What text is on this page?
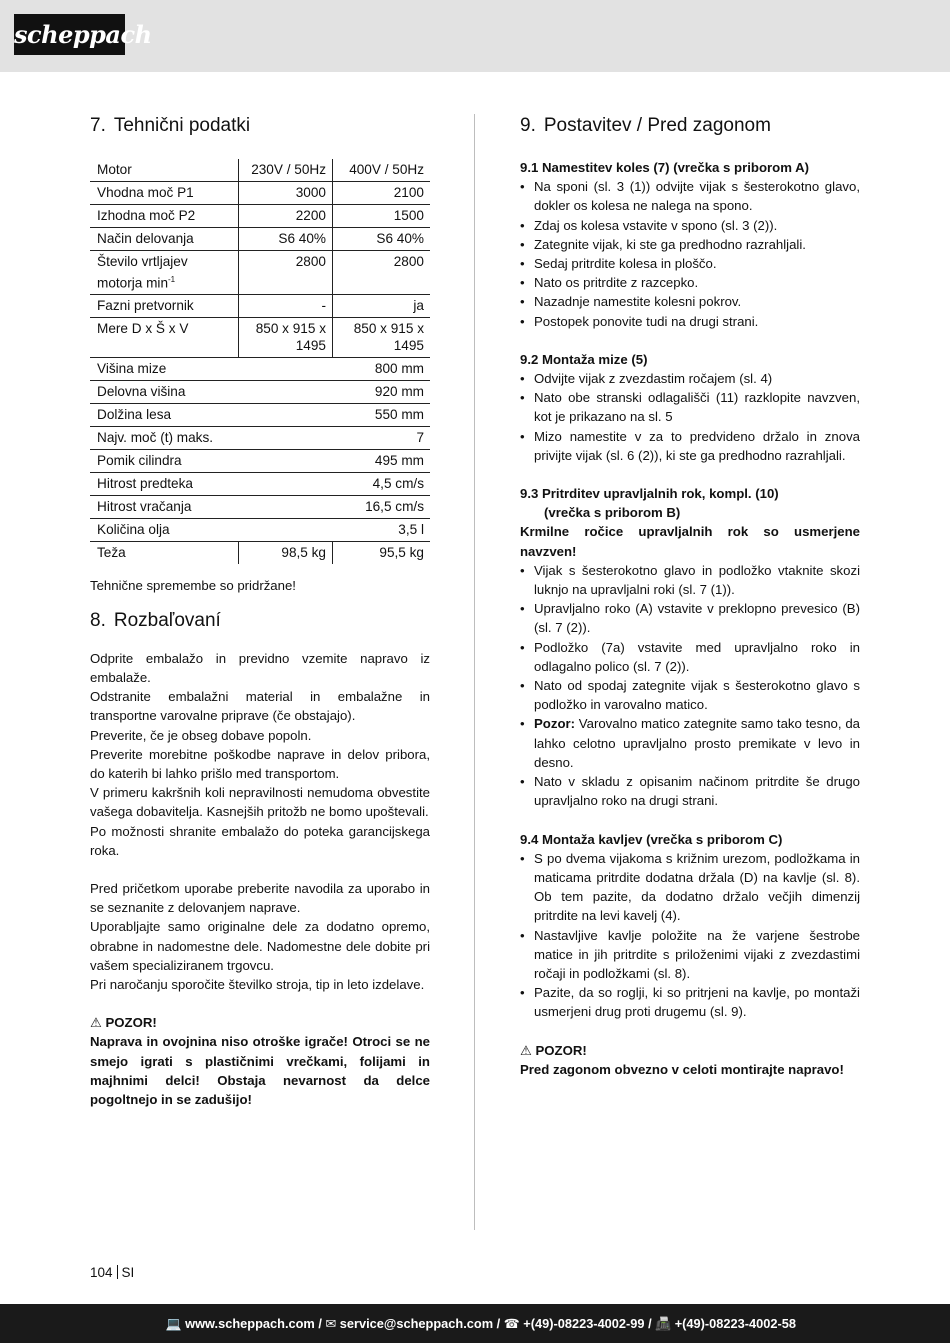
scheppach
7. Tehnični podatki
Motor	230V / 50Hz	400V / 50Hz
Vhodna moč P1	3000	2100
Izhodna moč P2	2200	1500
Način delovanja	S6 40%	S6 40%
Število vrtljajev motorja $\min^{-1}$	2800	2800
Fazni pretvornik	-	ja
Mere D x Š x V	850 x 915 x 1495	850 x 915 x 1495
Višina mize	800 mm	
Delovna višina	920 mm	
Dolžina lesa	550 mm	
Najv. moč (t) maks.	7	
Pomik cilindra	495 mm	
Hitrost predteka	4,5 cm/s	
Hitrost vračanja	16,5 cm/s	
Količina olja	3,5 l	
Teža	98,5 kg	95,5 kg

Tehnične spremembe so pridržane!

8. Rozbaľovaní

Odprite embalažo in previdno vzemite napravo iz embalaže.

Odstranite embalažni material in embalažne in transportne varovalne priprave (če obstajajo).

Preverite, če je obseg dobave popoln.

Preverite morebitne poškodbe naprave in delov pribora, do katerih bi lahko prišlo med transportom.

V primeru kakršnih koli nepravilnosti nemudoma obvestite vašega dobavitelja. Kasnejših pritožb ne bomo upoštevali.

Po možnosti shranite embalažo do poteka garancijskega roka.

Pred pričetkom uporabe preberite navodila za uporabo in se seznanite z delovanjem naprave.

Uporabljajte samo originalne dele za dodatno opremo, obrabne in nadomestne dele. Nadomestne dele dobite pri vašem specializiranem trgovcu.

Pri naročanju sporočite številko stroja, tip in leto izdelave.

⚠ POZOR!

Naprava in ovojnina niso otroške igrače! Otroci se ne smejo igrati s plastičnimi vrečkami, folijami in majhnimi delci! Obstaja nevarnost da delce pogoltnejo in se zadušijo!

9. Postavitev / Pred zagonom

9.1 Namestitev koles (7) (vrečka s priborom A)

• Na sponi (sl. 3 (1)) odvijte vijak s šesterokotno glavo, dokler os kolesa ne nalega na spono.
• Zdaj os kolesa vstavite v spono (sl. 3 (2)).
• Zategnite vijak, ki ste ga predhodno razrahljali.
• Sedaj pritrdite kolesa in ploščo.
• Nato os pritrdite z razcepko.
• Nazadnje namestite kolesni pokrov.
• Postopek ponovite tudi na drugi strani.

9.2 Montaža mize (5)

• Odvijte vijak z zvezdastim ročajem (sl. 4)
• Nato obe stranski odlagališči (11) razklopite navzven, kot je prikazano na sl. 5
• Mizo namestite v za to predvideno držalo in znova privijte vijak (sl. 6 (2)), ki ste ga predhodno razrahljali.

9.3 Pritrditev upravljalnih rok, kompl. (10)

(vrečka s priborom B)

Krmilne ročice upravljalnih rok so usmerjene navzven!

• Vijak s šesterokotno glavo in podložko vtaknite skozi luknjo na upravljalni roki (sl. 7 (1)).
• Upravljalno roko (A) vstavite v preklopno prevesico (B) (sl. 7 (2)).
• Podložko (7a) vstavite med upravljalno roko in odlagalno polico (sl. 7 (2)).
• Nato od spodaj zategnite vijak s šesterokotno glavo s podložko in varovalno matico.
• Pozor: Varovalno matico zategnite samo tako tesno, da lahko celotno upravljalno prosto premikate v levo in desno.
• Nato v skladu z opisanim načinom pritrdite še drugo upravljalno roko na drugi strani.

9.4 Montaža kavljev (vrečka s priborom C)

• S po dvema vijakoma s križnim urezom, podložkama in maticama pritrdite dodatna držala (D) na kavlje (sl. 8). Ob tem pazite, da dodatno držalo večjih dimenzij pritrdite na levi kavelj (4).
• Nastavljive kavlje položite na že varjene šestrobe matice in jih pritrdite s priloženimi vijaki z zvezdastimi ročaji in podložkami (sl. 8).
• Pazite, da so roglji, ki so pritrjeni na kavlje, po montaži usmerjeni drug proti drugemu (sl. 9).

⚠ POZOR!

Pred zagonom obvezno v celoti montirajte napravo!

104 SI
💻 www.scheppach.com / ✉ service@scheppach.com / ☎ +(49)-08223-4002-99 / 📠 +(49)-08223-4002-58
